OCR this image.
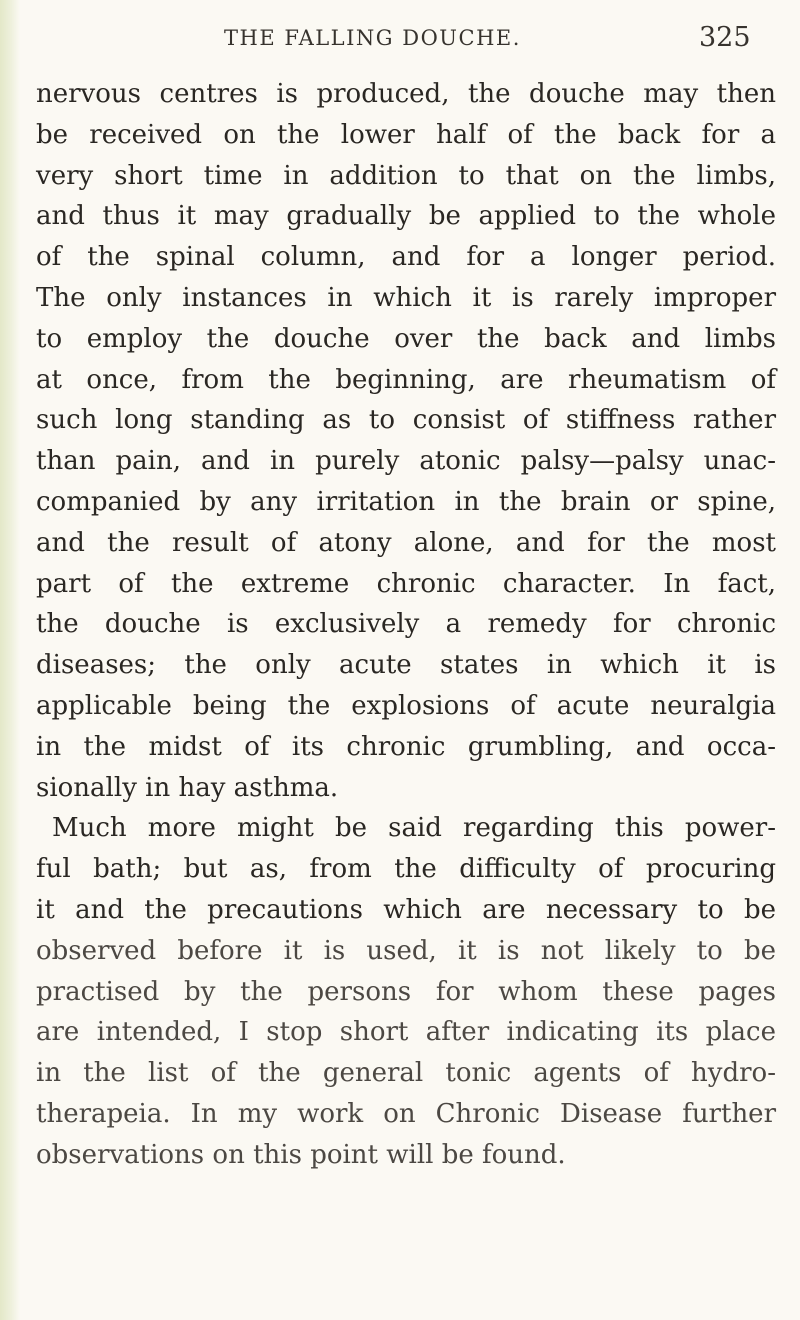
THE FALLING DOUCHE.	325
nervous centres is produced, the douche may then
be received on the lower half of the back for a
very short time in addition to that on the limbs,
and thus it may gradually be applied to the whole
of the spinal column, and for a longer period.
The only instances in which it is rarely improper
to employ the douche over the back and limbs
at once, from the beginning, are rheumatism of
such long standing as to consist of stiffness rather
than pain, and in purely atonic palsy—palsy unac-
companied by any irritation in the brain or spine,
and the result of atony alone, and for the most
part of the extreme chronic character. In fact,
the douche is exclusively a remedy for chronic
diseases; the only acute states in which it is
applicable being the explosions of acute neuralgia
in the midst of its chronic grumbling, and occa-
sionally in hay asthma.
Much more might be said regarding this power-
ful bath; but as, from the difficulty of procuring
it and the precautions which are necessary to be
observed before it is used, it is not likely to be
practised by the persons for whom these pages
are intended, I stop short after indicating its place
in the list of the general tonic agents of hydro-
therapeia. In my work on Chronic Disease further
observations on this point will be found.
